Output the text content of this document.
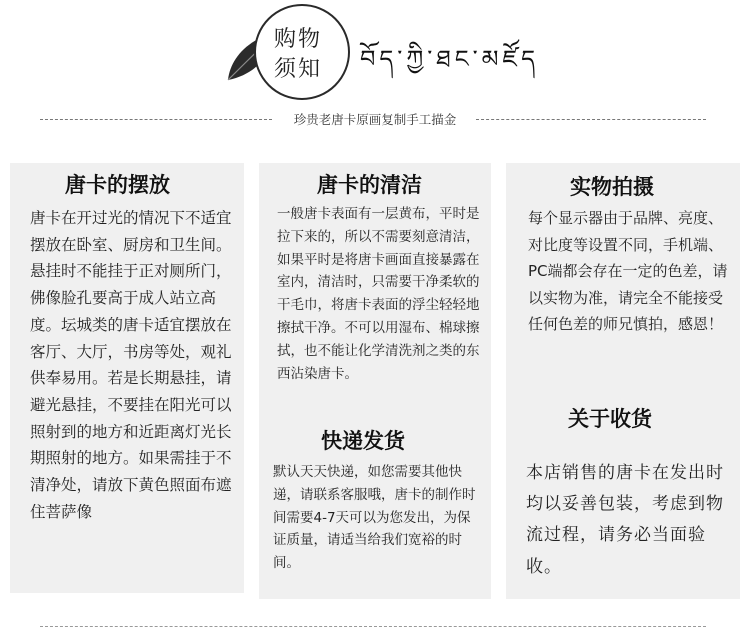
购物
须知 བོད་ཀྱི་ཐང་མཛོད
珍贵老唐卡原画复制手工描金
唐卡的摆放
唐卡在开过光的情况下不适宜摆放在卧室、厨房和卫生间。悬挂时不能挂于正对厕所门，佛像脸孔要高于成人站立高度。坛城类的唐卡适宜摆放在客厅、大厅，书房等处，观礼供奉易用。若是长期悬挂，请避光悬挂，不要挂在阳光可以照射到的地方和近距离灯光长期照射的地方。如果需挂于不清净处，请放下黄色照面布遮住菩萨像
唐卡的清洁
一般唐卡表面有一层黄布，平时是拉下来的，所以不需要刻意清洁，如果平时是将唐卡画面直接暴露在室内，清洁时，只需要干净柔软的干毛巾，将唐卡表面的浮尘轻轻地擦拭干净。不可以用湿布、棉球擦拭，也不能让化学清洗剂之类的东西沾染唐卡。
快递发货
默认天天快递，如您需要其他快递，请联系客服哦，唐卡的制作时间需要4-7天可以为您发出，为保证质量，请适当给我们宽裕的时间。
实物拍摄
每个显示器由于品牌、亮度、对比度等设置不同，手机端、PC端都会存在一定的色差，请以实物为准，请完全不能接受任何色差的师兄慎拍，感恩！
关于收货
本店销售的唐卡在发出时均以妥善包装，考虑到物流过程，请务必当面验收。
